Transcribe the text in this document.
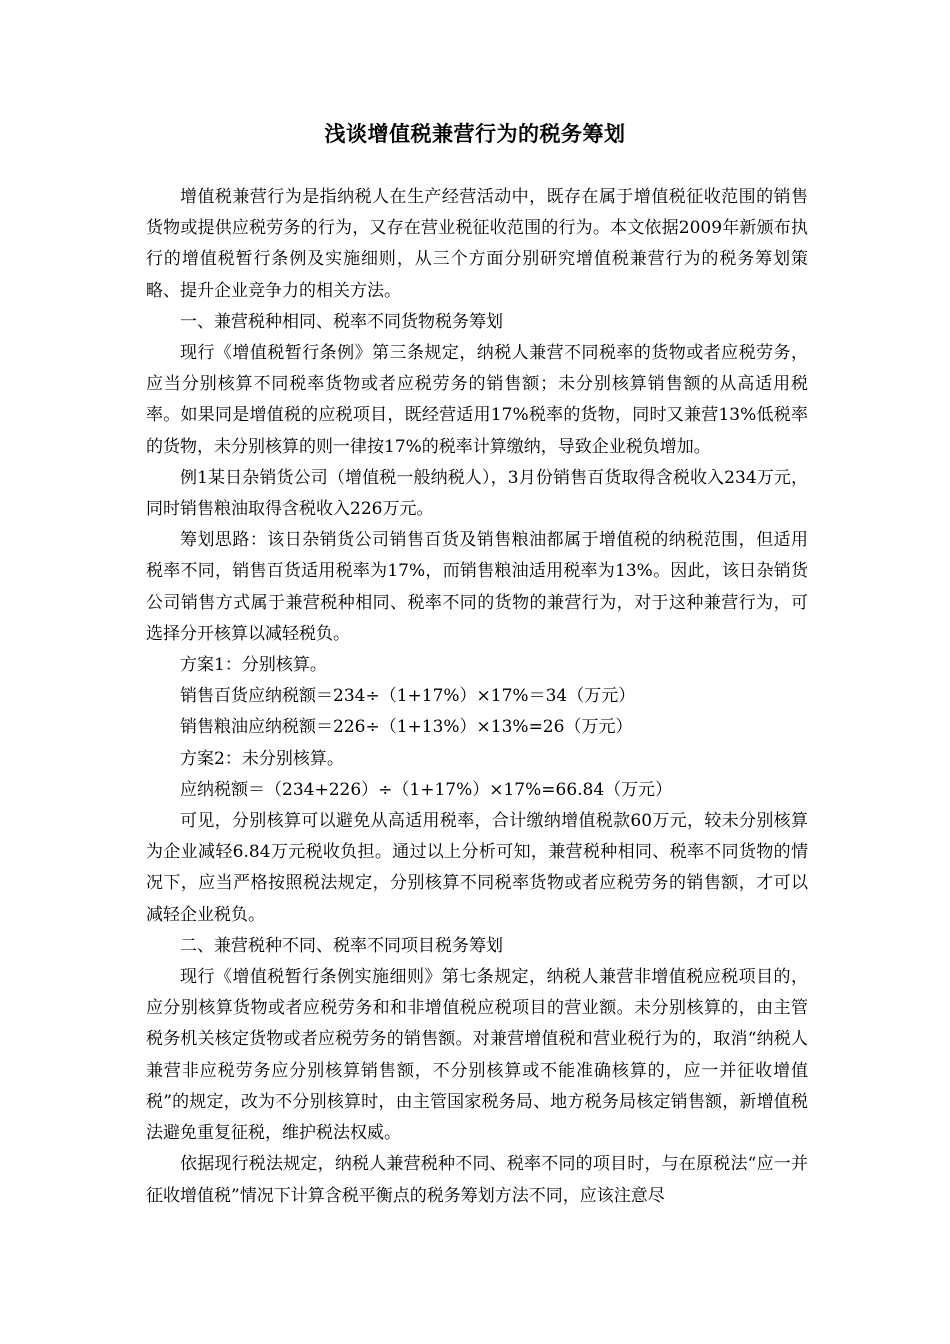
浅谈增值税兼营行为的税务筹划

增值税兼营行为是指纳税人在生产经营活动中，既存在属于增值税征收范围的销售货物或提供应税劳务的行为，又存在营业税征收范围的行为。本文依据2009年新颁布执行的增值税暂行条例及实施细则，从三个方面分别研究增值税兼营行为的税务筹划策略、提升企业竞争力的相关方法。

一、兼营税种相同、税率不同货物税务筹划

现行《增值税暂行条例》第三条规定，纳税人兼营不同税率的货物或者应税劳务，应当分别核算不同税率货物或者应税劳务的销售额；未分别核算销售额的从高适用税率。如果同是增值税的应税项目，既经营适用17%税率的货物，同时又兼营13%低税率的货物，未分别核算的则一律按17%的税率计算缴纳，导致企业税负增加。

例1某日杂销货公司（增值税一般纳税人），3月份销售百货取得含税收入234万元，同时销售粮油取得含税收入226万元。

筹划思路：该日杂销货公司销售百货及销售粮油都属于增值税的纳税范围，但适用税率不同，销售百货适用税率为17%，而销售粮油适用税率为13%。因此，该日杂销货公司销售方式属于兼营税种相同、税率不同的货物的兼营行为，对于这种兼营行为，可选择分开核算以减轻税负。

方案1：分别核算。

销售百货应纳税额＝234÷（1+17%）×17%＝34（万元）

销售粮油应纳税额＝226÷（1+13%）×13%=26（万元）

方案2：未分别核算。

应纳税额＝（234+226）÷（1+17%）×17%=66.84（万元）

可见，分别核算可以避免从高适用税率，合计缴纳增值税款60万元，较未分别核算为企业减轻6.84万元税收负担。通过以上分析可知，兼营税种相同、税率不同货物的情况下，应当严格按照税法规定，分别核算不同税率货物或者应税劳务的销售额，才可以减轻企业税负。

二、兼营税种不同、税率不同项目税务筹划

现行《增值税暂行条例实施细则》第七条规定，纳税人兼营非增值税应税项目的，应分别核算货物或者应税劳务和和非增值税应税项目的营业额。未分别核算的，由主管税务机关核定货物或者应税劳务的销售额。对兼营增值税和营业税行为的，取消“纳税人兼营非应税劳务应分别核算销售额，不分别核算或不能准确核算的，应一并征收增值税”的规定，改为不分别核算时，由主管国家税务局、地方税务局核定销售额，新增值税法避免重复征税，维护税法权威。

依据现行税法规定，纳税人兼营税种不同、税率不同的项目时，与在原税法“应一并征收增值税”情况下计算含税平衡点的税务筹划方法不同，应该注意尽
